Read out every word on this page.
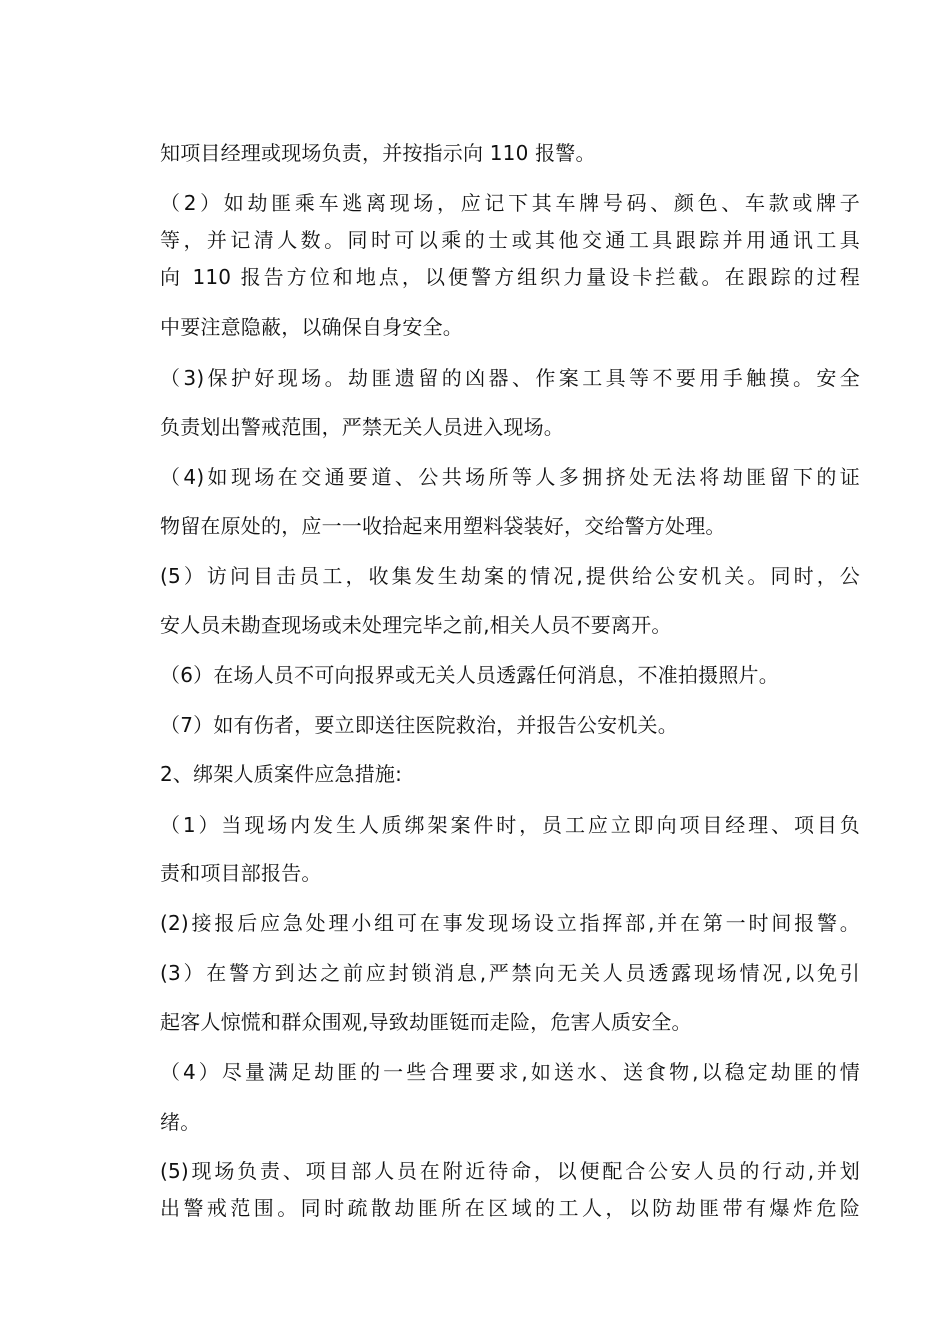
知项目经理或现场负责，并按指示向 110 报警。
（2）如劫匪乘车逃离现场，应记下其车牌号码、颜色、车款或牌子
等，并记清人数。同时可以乘的士或其他交通工具跟踪并用通讯工具
向 110 报告方位和地点，以便警方组织力量设卡拦截。在跟踪的过程
中要注意隐蔽，以确保自身安全。
（3)保护好现场。劫匪遗留的凶器、作案工具等不要用手触摸。安全
负责划出警戒范围，严禁无关人员进入现场。
（4)如现场在交通要道、公共场所等人多拥挤处无法将劫匪留下的证
物留在原处的，应一一收拾起来用塑料袋装好，交给警方处理。
(5）访问目击员工，收集发生劫案的情况,提供给公安机关。同时，公
安人员未勘查现场或未处理完毕之前,相关人员不要离开。
（6）在场人员不可向报界或无关人员透露任何消息，不准拍摄照片。
（7）如有伤者，要立即送往医院救治，并报告公安机关。
2、绑架人质案件应急措施:
（1）当现场内发生人质绑架案件时，员工应立即向项目经理、项目负
责和项目部报告。
(2)接报后应急处理小组可在事发现场设立指挥部,并在第一时间报警。
(3）在警方到达之前应封锁消息,严禁向无关人员透露现场情况,以免引
起客人惊慌和群众围观,导致劫匪铤而走险，危害人质安全。
（4）尽量满足劫匪的一些合理要求,如送水、送食物,以稳定劫匪的情
绪。
(5)现场负责、项目部人员在附近待命，以便配合公安人员的行动,并划
出警戒范围。同时疏散劫匪所在区域的工人，以防劫匪带有爆炸危险
